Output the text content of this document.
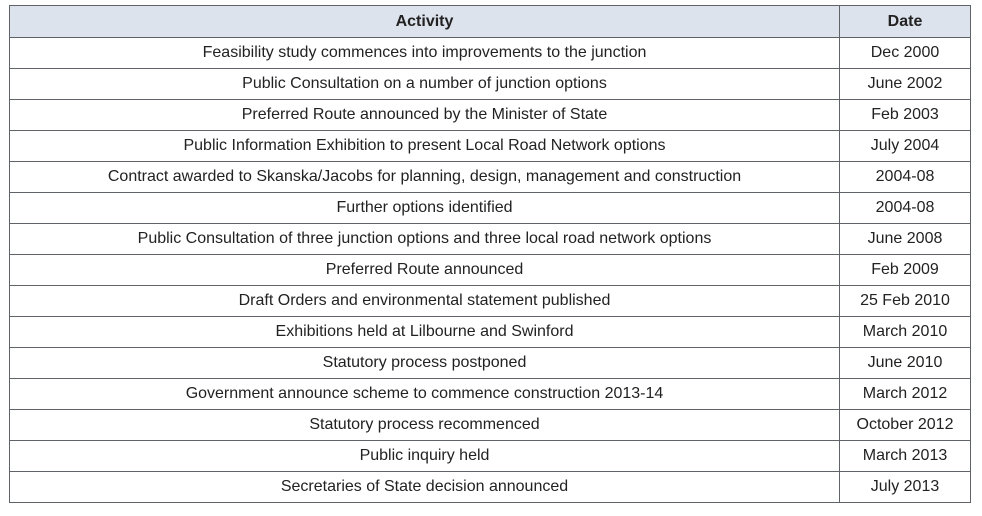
Activity	Date
Feasibility study commences into improvements to the junction	Dec 2000
Public Consultation on a number of junction options	June 2002
Preferred Route announced by the Minister of State	Feb 2003
Public Information Exhibition to present Local Road Network options	July 2004
Contract awarded to Skanska/Jacobs for planning, design, management and construction	2004-08
Further options identified	2004-08
Public Consultation of three junction options and three local road network options	June 2008
Preferred Route announced	Feb 2009
Draft Orders and environmental statement published	25 Feb 2010
Exhibitions held at Lilbourne and Swinford	March 2010
Statutory process postponed	June 2010
Government announce scheme to commence construction 2013-14	March 2012
Statutory process recommenced	October 2012
Public inquiry held	March 2013
Secretaries of State decision announced	July 2013
